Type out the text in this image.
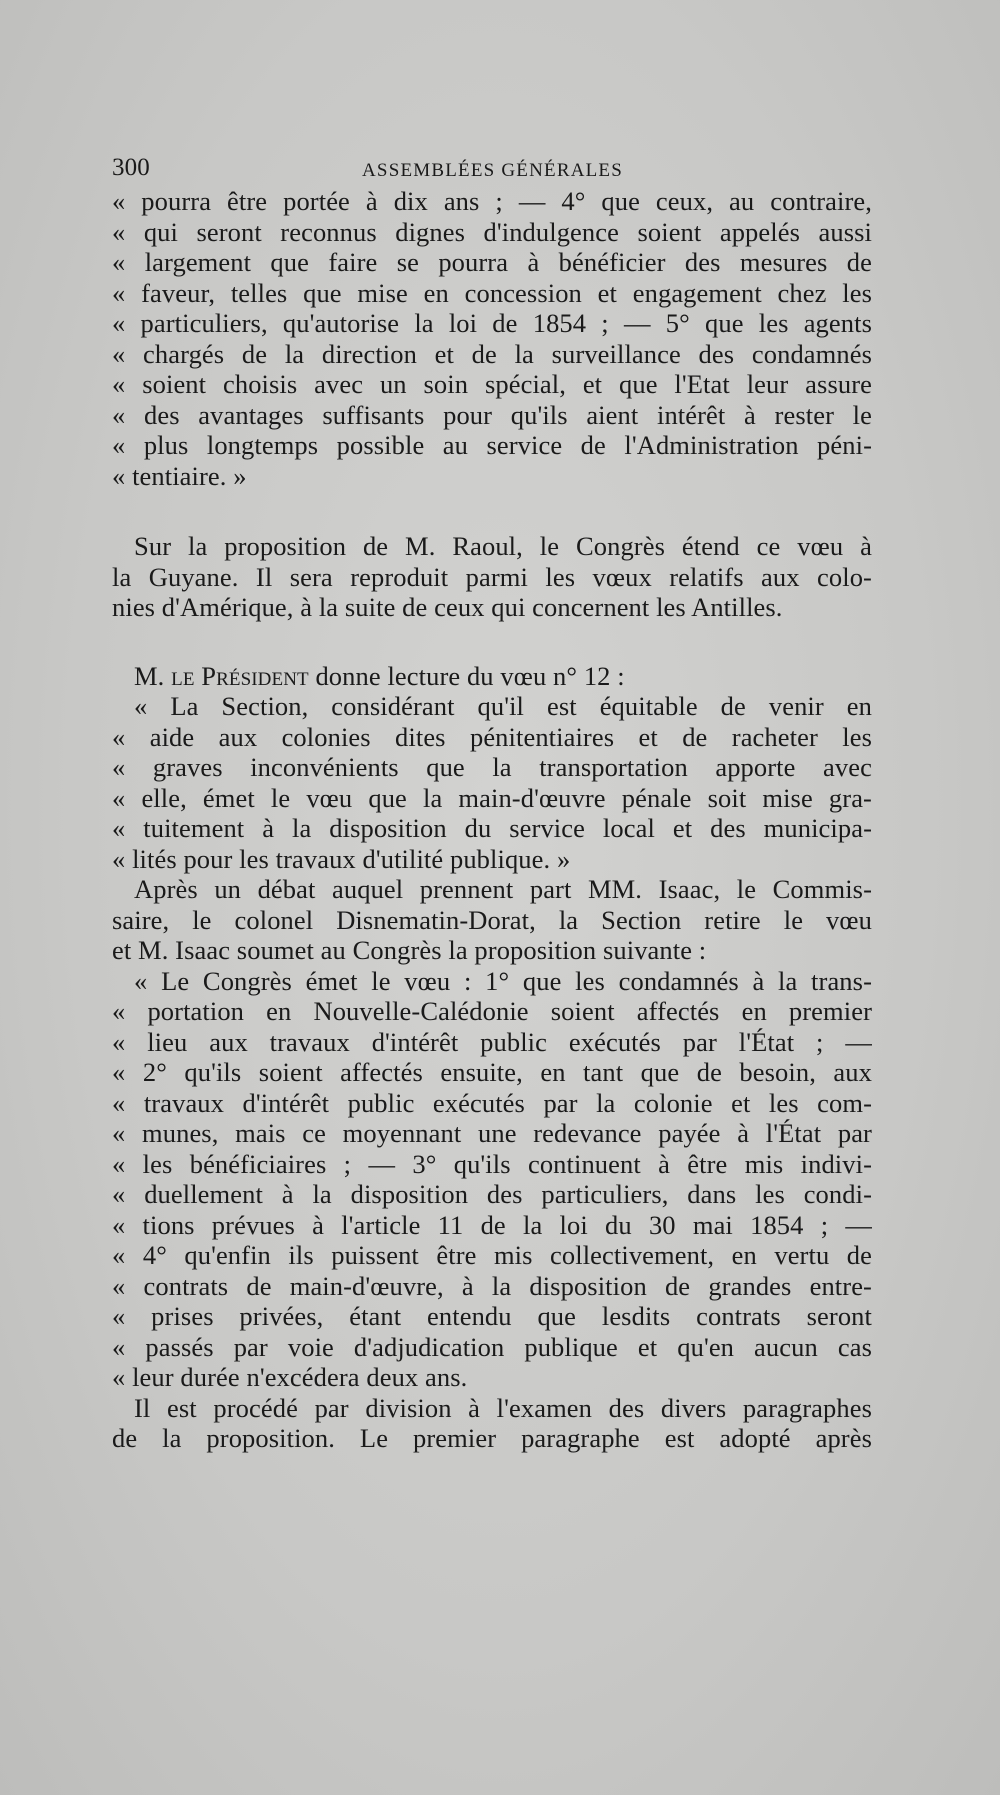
300	ASSEMBLÉES GÉNÉRALES
« pourra être portée à dix ans ; — 4° que ceux, au contraire,
« qui seront reconnus dignes d'indulgence soient appelés aussi
« largement que faire se pourra à bénéficier des mesures de
« faveur, telles que mise en concession et engagement chez les
« particuliers, qu'autorise la loi de 1854 ; — 5° que les agents
« chargés de la direction et de la surveillance des condamnés
« soient choisis avec un soin spécial, et que l'Etat leur assure
« des avantages suffisants pour qu'ils aient intérêt à rester le
« plus longtemps possible au service de l'Administration péni-
« tentiaire. »
Sur la proposition de M. Raoul, le Congrès étend ce vœu à
la Guyane. Il sera reproduit parmi les vœux relatifs aux colo-
nies d'Amérique, à la suite de ceux qui concernent les Antilles.
M. le Président donne lecture du vœu n° 12 :
« La Section, considérant qu'il est équitable de venir en
« aide aux colonies dites pénitentiaires et de racheter les
« graves inconvénients que la transportation apporte avec
« elle, émet le vœu que la main-d'œuvre pénale soit mise gra-
« tuitement à la disposition du service local et des municipa-
« lités pour les travaux d'utilité publique. »
Après un débat auquel prennent part MM. Isaac, le Commis-
saire, le colonel Disnematin-Dorat, la Section retire le vœu
et M. Isaac soumet au Congrès la proposition suivante :
« Le Congrès émet le vœu : 1° que les condamnés à la trans-
« portation en Nouvelle-Calédonie soient affectés en premier
« lieu aux travaux d'intérêt public exécutés par l'État ; —
« 2° qu'ils soient affectés ensuite, en tant que de besoin, aux
« travaux d'intérêt public exécutés par la colonie et les com-
« munes, mais ce moyennant une redevance payée à l'État par
« les bénéficiaires ; — 3° qu'ils continuent à être mis indivi-
« duellement à la disposition des particuliers, dans les condi-
« tions prévues à l'article 11 de la loi du 30 mai 1854 ; —
« 4° qu'enfin ils puissent être mis collectivement, en vertu de
« contrats de main-d'œuvre, à la disposition de grandes entre-
« prises privées, étant entendu que lesdits contrats seront
« passés par voie d'adjudication publique et qu'en aucun cas
« leur durée n'excédera deux ans.
Il est procédé par division à l'examen des divers paragraphes
de la proposition. Le premier paragraphe est adopté après
